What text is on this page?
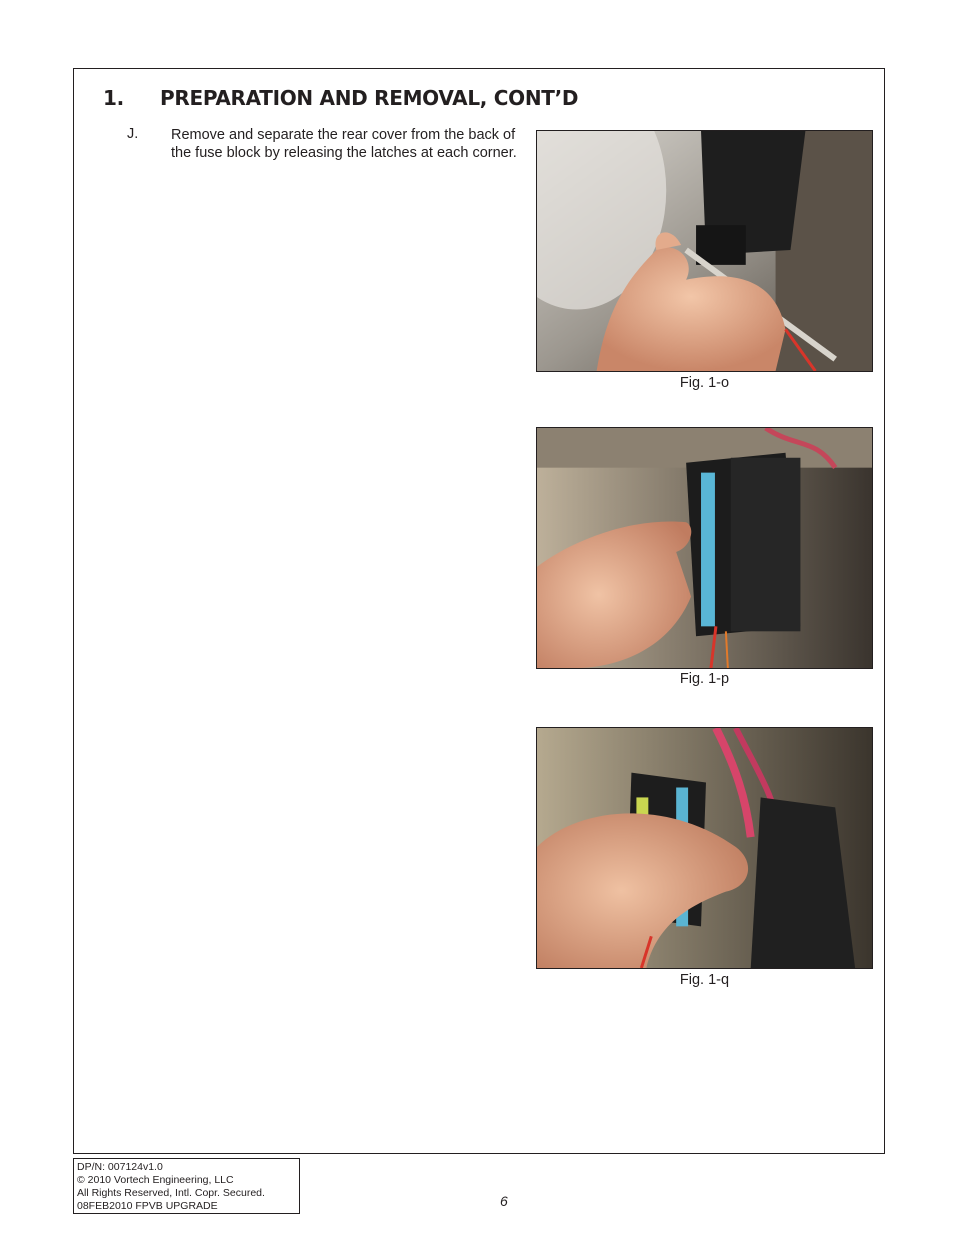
1. PREPARATION AND REMOVAL, CONT’D
J. Remove and separate the rear cover from the back of the fuse block by releasing the latches at each corner.
Fig. 1-o
Fig. 1-p
Fig. 1-q
DP/N: 007124v1.0
© 2010 Vortech Engineering, LLC
All Rights Reserved, Intl. Copr. Secured.
08FEB2010 FPVB UPGRADE	6
